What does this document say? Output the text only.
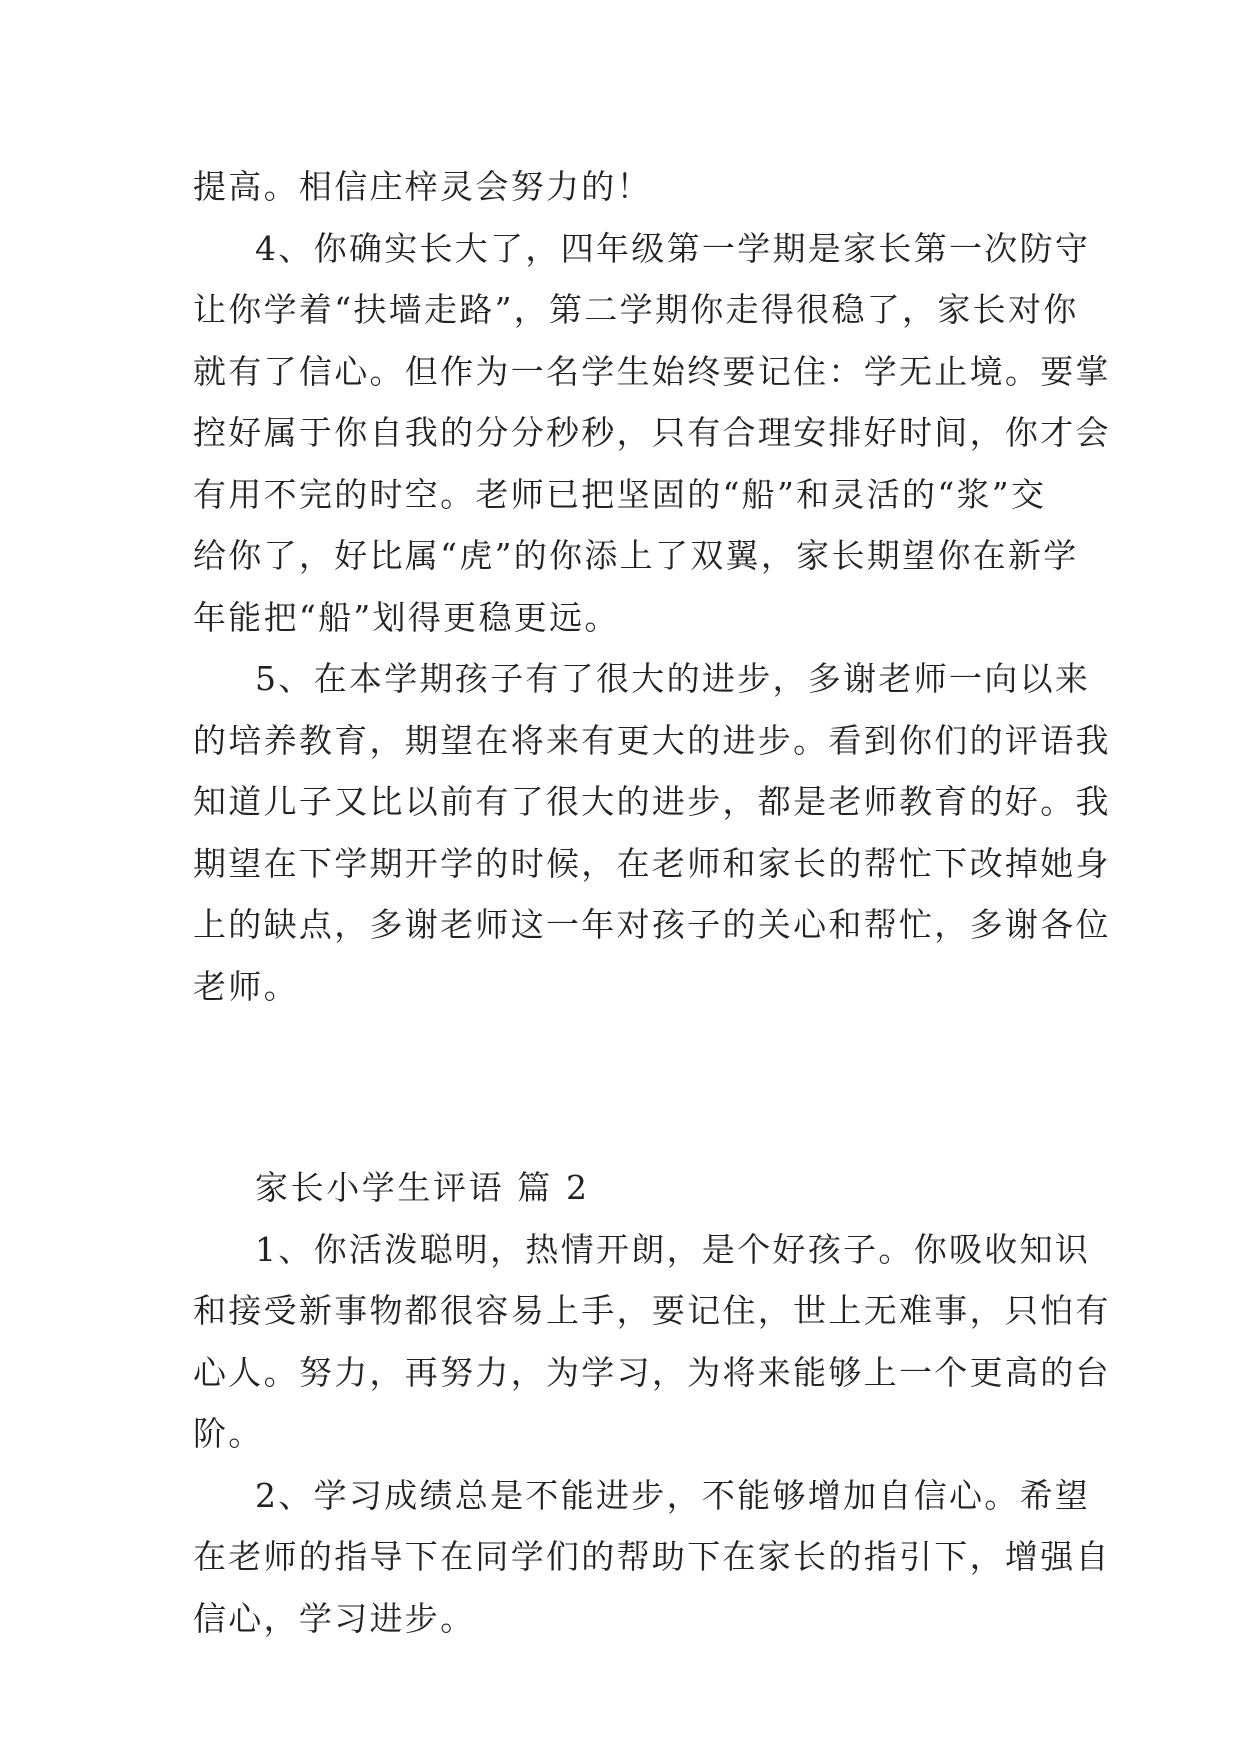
提高。相信庄梓灵会努力的！
4、你确实长大了，四年级第一学期是家长第一次防守
让你学着“扶墙走路”，第二学期你走得很稳了，家长对你
就有了信心。但作为一名学生始终要记住：学无止境。要掌
控好属于你自我的分分秒秒，只有合理安排好时间，你才会
有用不完的时空。老师已把坚固的“船”和灵活的“浆”交
给你了，好比属“虎”的你添上了双翼，家长期望你在新学
年能把“船”划得更稳更远。
5、在本学期孩子有了很大的进步，多谢老师一向以来
的培养教育，期望在将来有更大的进步。看到你们的评语我
知道儿子又比以前有了很大的进步，都是老师教育的好。我
期望在下学期开学的时候，在老师和家长的帮忙下改掉她身
上的缺点，多谢老师这一年对孩子的关心和帮忙，多谢各位
老师。
家长小学生评语 篇 2
1、你活泼聪明，热情开朗，是个好孩子。你吸收知识
和接受新事物都很容易上手，要记住，世上无难事，只怕有
心人。努力，再努力，为学习，为将来能够上一个更高的台
阶。
2、学习成绩总是不能进步，不能够增加自信心。希望
在老师的指导下在同学们的帮助下在家长的指引下，增强自
信心，学习进步。
